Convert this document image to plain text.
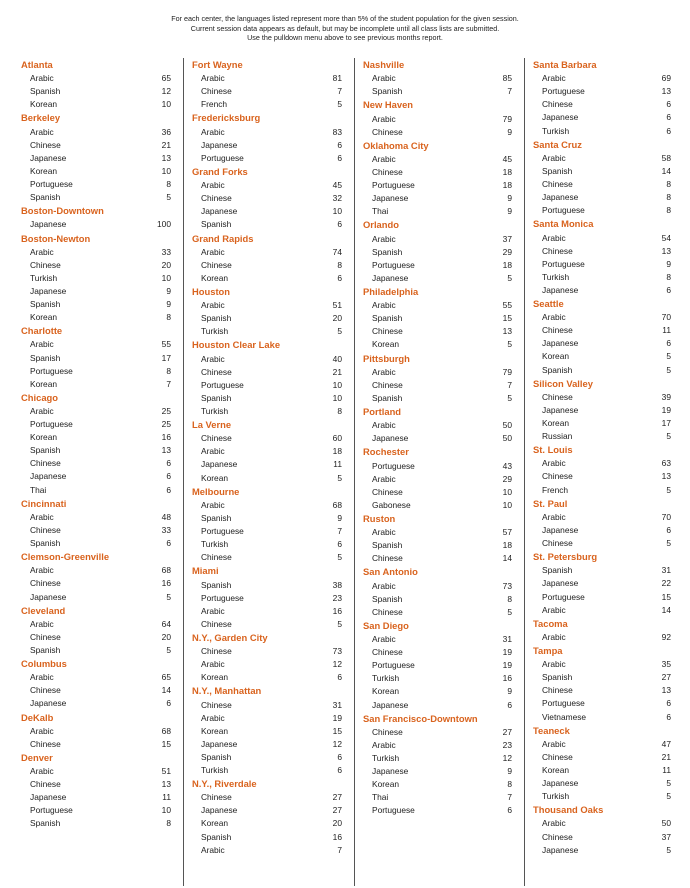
For each center, the languages listed represent more than 5% of the student population for the given session.
Current session data appears as default, but may be incomplete until all class lists are submitted.
Use the pulldown menu above to see previous months report.
Atlanta
Arabic	65
Spanish	12
Korean	10
Berkeley
Arabic	36
Chinese	21
Japanese	13
Korean	10
Portuguese	8
Spanish	5
Boston-Downtown
Japanese	100
Boston-Newton
Arabic	33
Chinese	20
Turkish	10
Japanese	9
Spanish	9
Korean	8
Charlotte
Arabic	55
Spanish	17
Portuguese	8
Korean	7
Chicago
Arabic	25
Portuguese	25
Korean	16
Spanish	13
Chinese	6
Japanese	6
Thai	6
Cincinnati
Arabic	48
Chinese	33
Spanish	6
Clemson-Greenville
Arabic	68
Chinese	16
Japanese	5
Cleveland
Arabic	64
Chinese	20
Spanish	5
Columbus
Arabic	65
Chinese	14
Japanese	6
DeKalb
Arabic	68
Chinese	15
Denver
Arabic	51
Chinese	13
Japanese	11
Portuguese	10
Spanish	8
Fort Wayne
Arabic	81
Chinese	7
French	5
Fredericksburg
Arabic	83
Japanese	6
Portuguese	6
Grand Forks
Arabic	45
Chinese	32
Japanese	10
Spanish	6
Grand Rapids
Arabic	74
Chinese	8
Korean	6
Houston
Arabic	51
Spanish	20
Turkish	5
Houston Clear Lake
Arabic	40
Chinese	21
Portuguese	10
Spanish	10
Turkish	8
La Verne
Chinese	60
Arabic	18
Japanese	11
Korean	5
Melbourne
Arabic	68
Spanish	9
Portuguese	7
Turkish	6
Chinese	5
Miami
Spanish	38
Portuguese	23
Arabic	16
Chinese	5
N.Y., Garden City
Chinese	73
Arabic	12
Korean	6
N.Y., Manhattan
Chinese	31
Arabic	19
Korean	15
Japanese	12
Spanish	6
Turkish	6
N.Y., Riverdale
Chinese	27
Japanese	27
Korean	20
Spanish	16
Arabic	7
Nashville
Arabic	85
Spanish	7
New Haven
Arabic	79
Chinese	9
Oklahoma City
Arabic	45
Chinese	18
Portuguese	18
Japanese	9
Thai	9
Orlando
Arabic	37
Spanish	29
Portuguese	18
Japanese	5
Philadelphia
Arabic	55
Spanish	15
Chinese	13
Korean	5
Pittsburgh
Arabic	79
Chinese	7
Spanish	5
Portland
Arabic	50
Japanese	50
Rochester
Portuguese	43
Arabic	29
Chinese	10
Gabonese	10
Ruston
Arabic	57
Spanish	18
Chinese	14
San Antonio
Arabic	73
Spanish	8
Chinese	5
San Diego
Arabic	31
Chinese	19
Portuguese	19
Turkish	16
Korean	9
Japanese	6
San Francisco-Downtown
Chinese	27
Arabic	23
Turkish	12
Japanese	9
Korean	8
Thai	7
Portuguese	6
Santa Barbara
Arabic	69
Portuguese	13
Chinese	6
Japanese	6
Turkish	6
Santa Cruz
Arabic	58
Spanish	14
Chinese	8
Japanese	8
Portuguese	8
Santa Monica
Arabic	54
Chinese	13
Portuguese	9
Turkish	8
Japanese	6
Seattle
Arabic	70
Chinese	11
Japanese	6
Korean	5
Spanish	5
Silicon Valley
Chinese	39
Japanese	19
Korean	17
Russian	5
St. Louis
Arabic	63
Chinese	13
French	5
St. Paul
Arabic	70
Japanese	6
Chinese	5
St. Petersburg
Spanish	31
Japanese	22
Portuguese	15
Arabic	14
Tacoma
Arabic	92
Tampa
Arabic	35
Spanish	27
Chinese	13
Portuguese	6
Vietnamese	6
Teaneck
Arabic	47
Chinese	21
Korean	11
Japanese	5
Turkish	5
Thousand Oaks
Arabic	50
Chinese	37
Japanese	5
